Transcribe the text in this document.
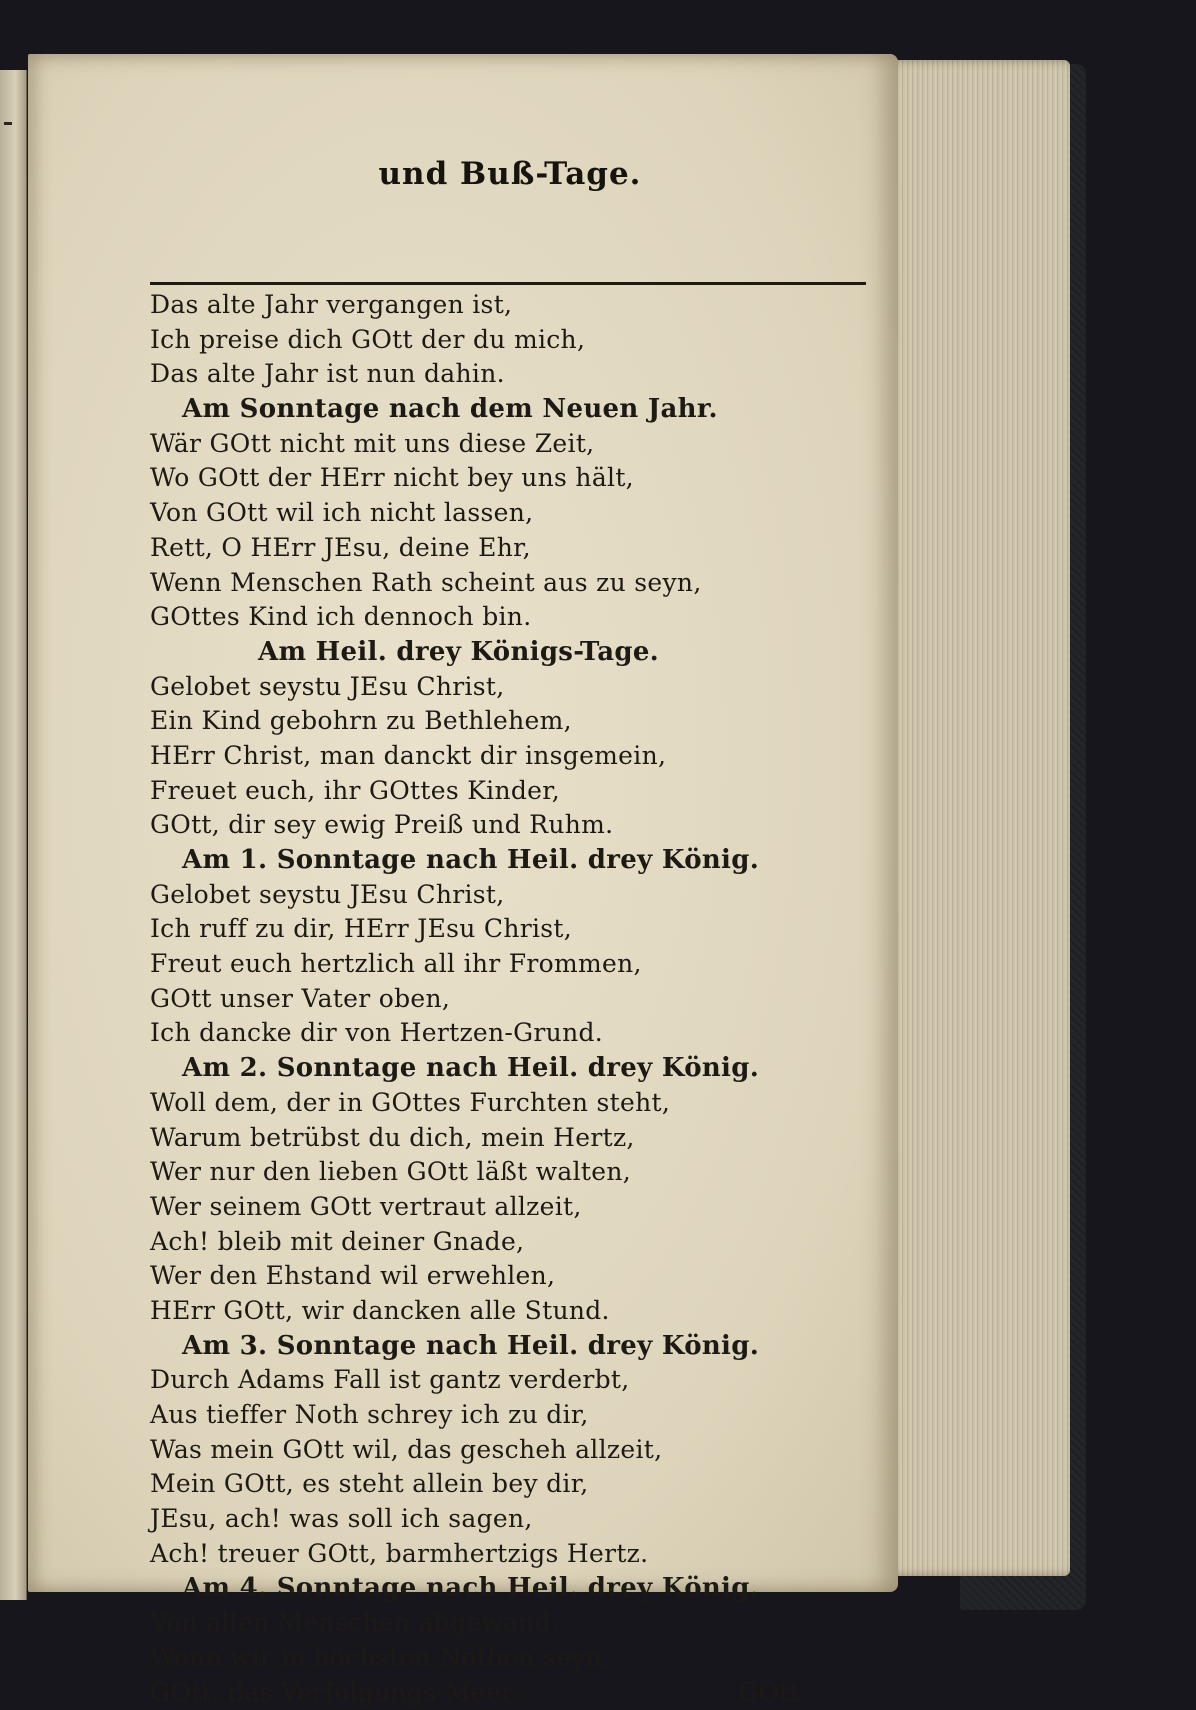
und Buß-Tage.
Das alte Jahr vergangen ist,
Ich preise dich GOtt der du mich,
Das alte Jahr ist nun dahin.
Am Sonntage nach dem Neuen Jahr.
Wär GOtt nicht mit uns diese Zeit,
Wo GOtt der HErr nicht bey uns hält,
Von GOtt wil ich nicht lassen,
Rett, O HErr JEsu, deine Ehr,
Wenn Menschen Rath scheint aus zu seyn,
GOttes Kind ich dennoch bin.
Am Heil. drey Königs-Tage.
Gelobet seystu JEsu Christ,
Ein Kind gebohrn zu Bethlehem,
HErr Christ, man danckt dir insgemein,
Freuet euch, ihr GOttes Kinder,
GOtt, dir sey ewig Preiß und Ruhm.
Am 1. Sonntage nach Heil. drey König.
Gelobet seystu JEsu Christ,
Ich ruff zu dir, HErr JEsu Christ,
Freut euch hertzlich all ihr Frommen,
GOtt unser Vater oben,
Ich dancke dir von Hertzen-Grund.
Am 2. Sonntage nach Heil. drey König.
Woll dem, der in GOttes Furchten steht,
Warum betrübst du dich, mein Hertz,
Wer nur den lieben GOtt läßt walten,
Wer seinem GOtt vertraut allzeit,
Ach! bleib mit deiner Gnade,
Wer den Ehstand wil erwehlen,
HErr GOtt, wir dancken alle Stund.
Am 3. Sonntage nach Heil. drey König.
Durch Adams Fall ist gantz verderbt,
Aus tieffer Noth schrey ich zu dir,
Was mein GOtt wil, das gescheh allzeit,
Mein GOtt, es steht allein bey dir,
JEsu, ach! was soll ich sagen,
Ach! treuer GOtt, barmhertzigs Hertz.
Am 4. Sonntage nach Heil. drey König.
Von allen Menschen abgewand,
Wenn wir in höchsten Nöthen seyn,
GOtt, das Verfolgungs-Meer.	GOtt
